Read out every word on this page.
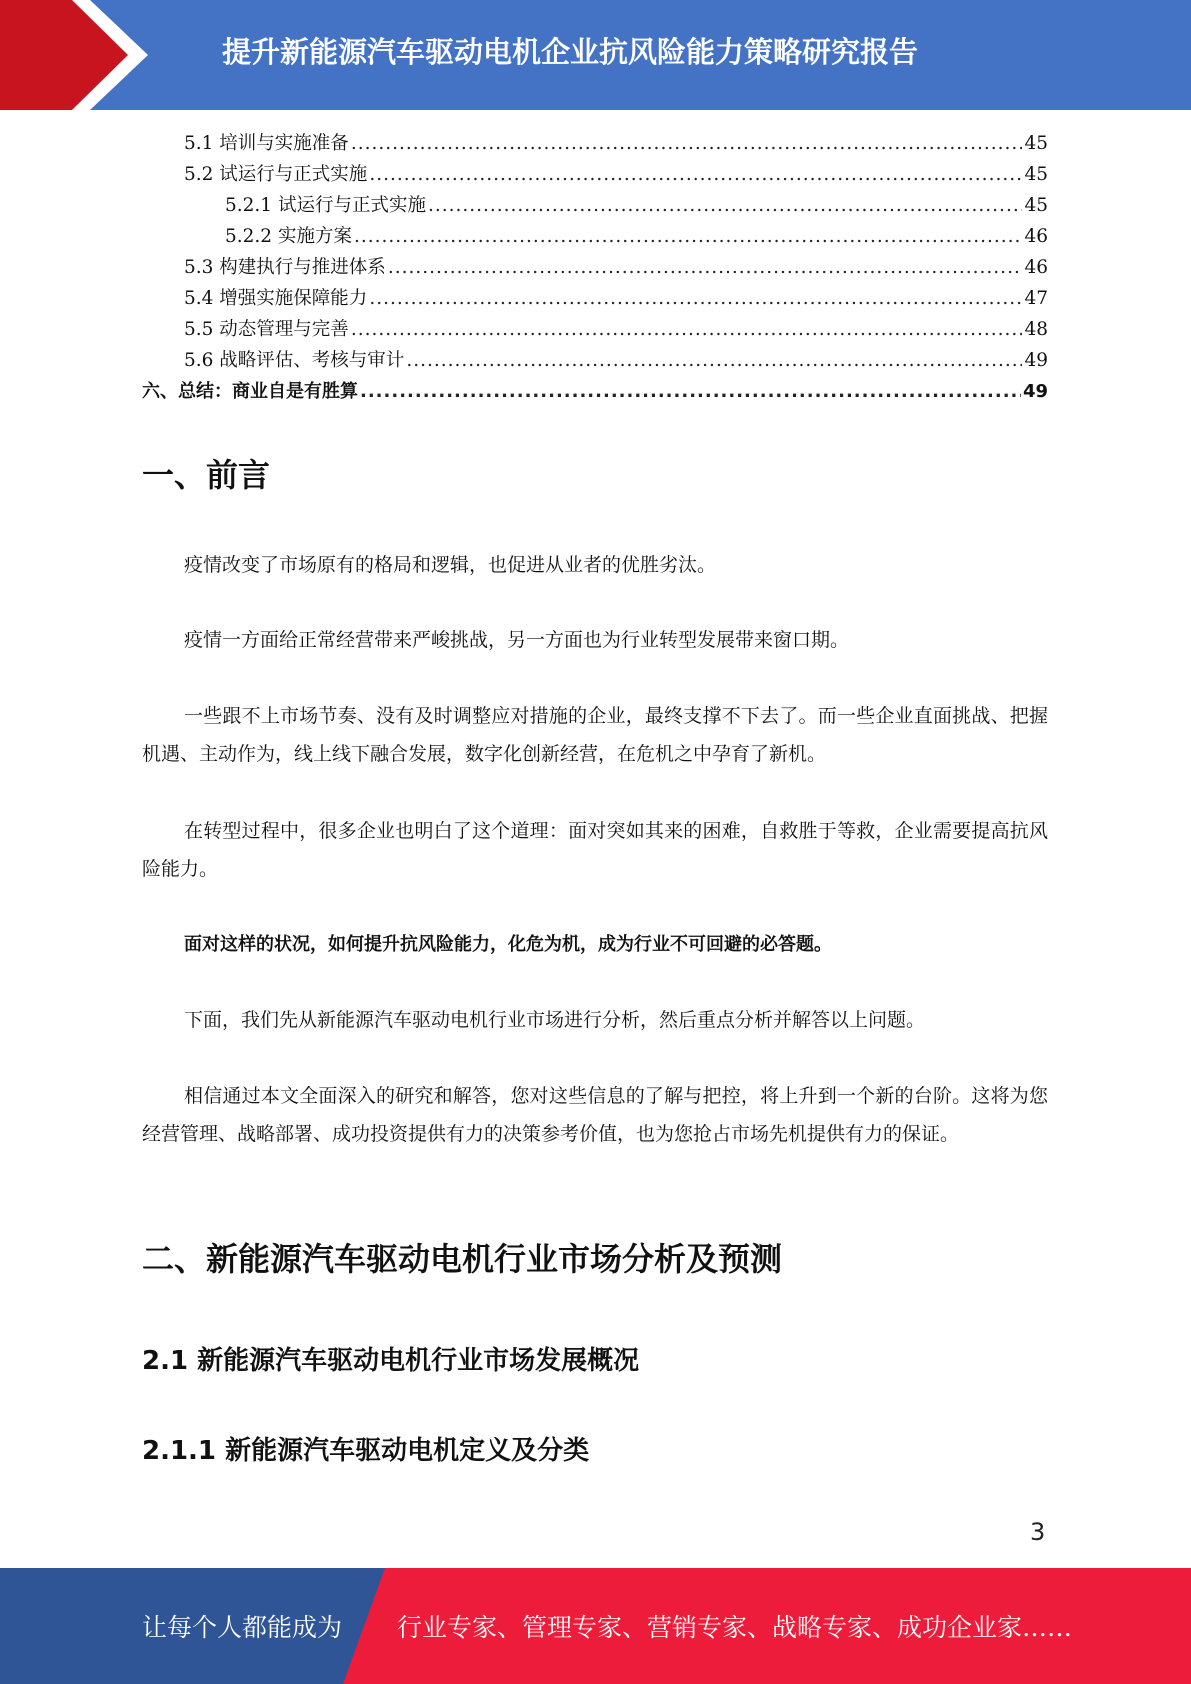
提升新能源汽车驱动电机企业抗风险能力策略研究报告
5.1 培训与实施准备 .....	45
5.2 试运行与正式实施 .....	45
5.2.1 试运行与正式实施 .....	45
5.2.2 实施方案 .....	46
5.3 构建执行与推进体系 .....	46
5.4 增强实施保障能力 .....	47
5.5 动态管理与完善 .....	48
5.6 战略评估、考核与审计 .....	49
六、总结：商业自是有胜算 .....	49
一、前言

疫情改变了市场原有的格局和逻辑，也促进从业者的优胜劣汰。

疫情一方面给正常经营带来严峻挑战，另一方面也为行业转型发展带来窗口期。

一些跟不上市场节奏、没有及时调整应对措施的企业，最终支撑不下去了。而一些企业直面挑战、把握机遇、主动作为，线上线下融合发展，数字化创新经营，在危机之中孕育了新机。

在转型过程中，很多企业也明白了这个道理：面对突如其来的困难，自救胜于等救，企业需要提高抗风险能力。

面对这样的状况，如何提升抗风险能力，化危为机，成为行业不可回避的必答题。

下面，我们先从新能源汽车驱动电机行业市场进行分析，然后重点分析并解答以上问题。

相信通过本文全面深入的研究和解答，您对这些信息的了解与把控，将上升到一个新的台阶。这将为您经营管理、战略部署、成功投资提供有力的决策参考价值，也为您抢占市场先机提供有力的保证。

二、新能源汽车驱动电机行业市场分析及预测
2.1 新能源汽车驱动电机行业市场发展概况
2.1.1 新能源汽车驱动电机定义及分类
3
让每个人都能成为 行业专家、管理专家、营销专家、战略专家、成功企业家……
